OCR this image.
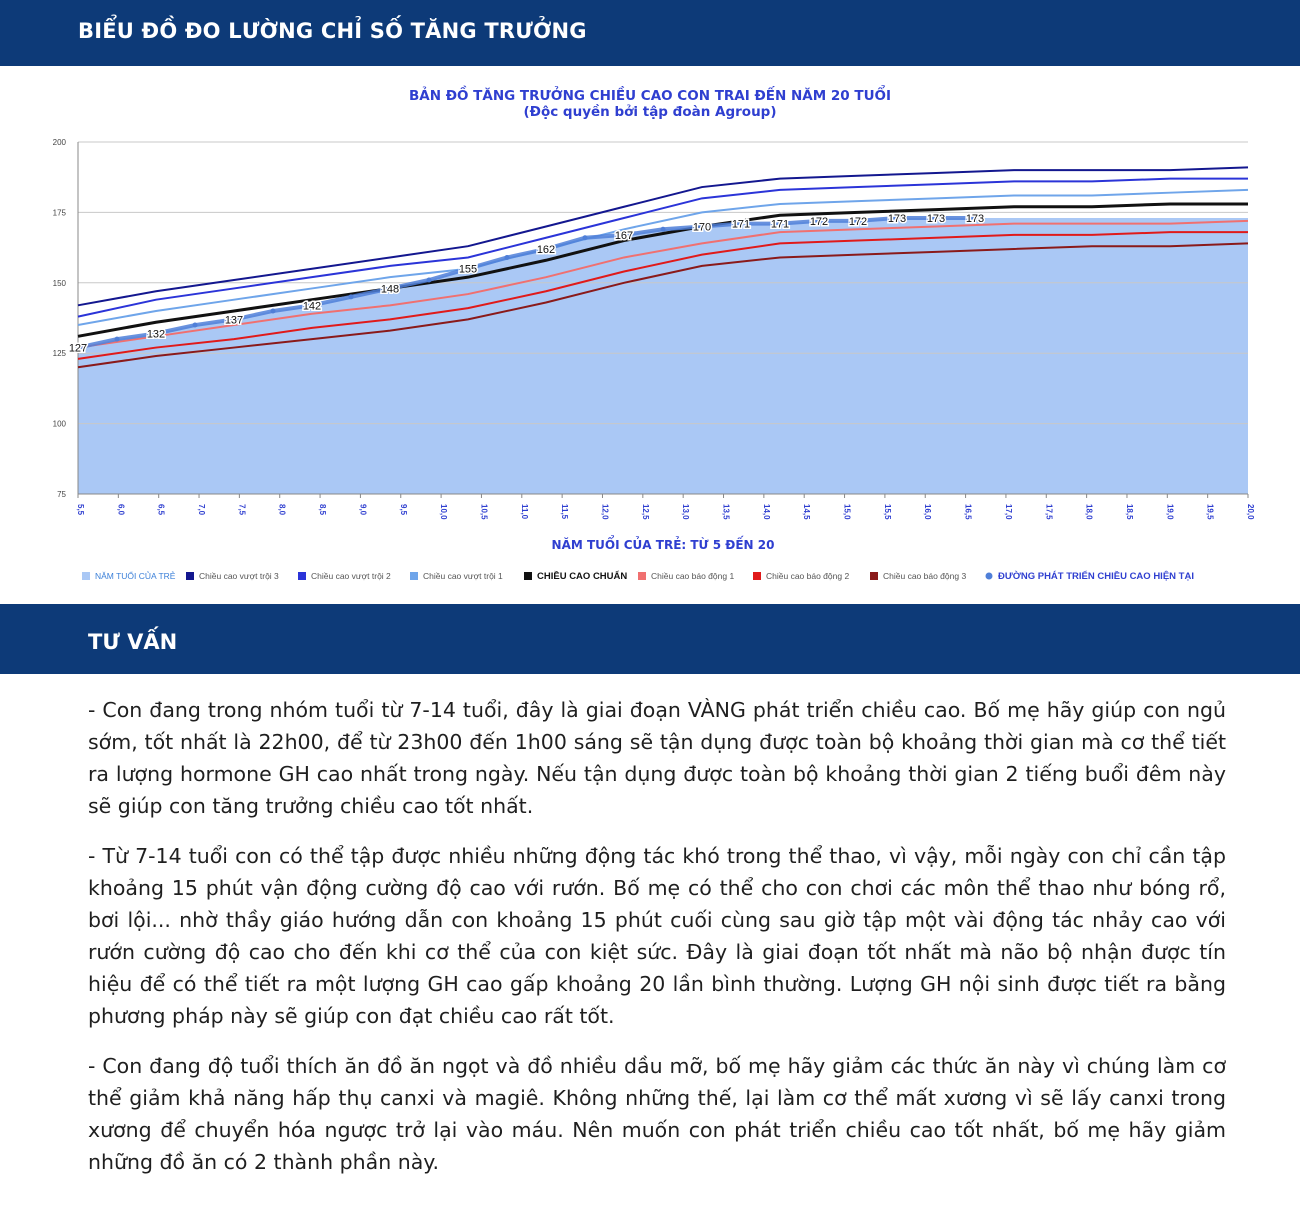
BIỂU ĐỒ ĐO LƯỜNG CHỈ SỐ TĂNG TRƯỞNG
BẢN ĐỒ TĂNG TRƯỞNG CHIỀU CAO CON TRAI ĐẾN NĂM 20 TUỔI
(Độc quyền bởi tập đoàn Agroup)
200
175
150
125
100
75
5,5	6,0	6,5	7,0	7,5	8,0	8,5	9,0	9,5	10,0	10,5	11,0	11,5	12,0	12,5	13,0	13,5	14,0	14,5	15,0	15,5	16,0	16,5	17,0	17,5	18,0	18,5	19,0	19,5	20,0
127
132
137
142
148
155
162
167
170 171 171 172 172 173 173 173
NĂM TUỔI CỦA TRẺ: TỪ 5 ĐẾN 20
NĂM TUỔI CỦA TRẺ	Chiều cao vượt trội 3	Chiều cao vượt trội 2	Chiều cao vượt trội 1	CHIỀU CAO CHUẨN	Chiều cao báo động 1	Chiều cao báo động 2	Chiều cao báo động 3	ĐƯỜNG PHÁT TRIỂN CHIỀU CAO HIỆN TẠI
TƯ VẤN
- Con đang trong nhóm tuổi từ 7-14 tuổi, đây là giai đoạn VÀNG phát triển chiều cao. Bố mẹ hãy giúp con ngủ sớm, tốt nhất là 22h00, để từ 23h00 đến 1h00 sáng sẽ tận dụng được toàn bộ khoảng thời gian mà cơ thể tiết ra lượng hormone GH cao nhất trong ngày. Nếu tận dụng được toàn bộ khoảng thời gian 2 tiếng buổi đêm này sẽ giúp con tăng trưởng chiều cao tốt nhất.
- Từ 7-14 tuổi con có thể tập được nhiều những động tác khó trong thể thao, vì vậy, mỗi ngày con chỉ cần tập khoảng 15 phút vận động cường độ cao với rướn. Bố mẹ có thể cho con chơi các môn thể thao như bóng rổ, bơi lội... nhờ thầy giáo hướng dẫn con khoảng 15 phút cuối cùng sau giờ tập một vài động tác nhảy cao với rướn cường độ cao cho đến khi cơ thể của con kiệt sức. Đây là giai đoạn tốt nhất mà não bộ nhận được tín hiệu để có thể tiết ra một lượng GH cao gấp khoảng 20 lần bình thường. Lượng GH nội sinh được tiết ra bằng phương pháp này sẽ giúp con đạt chiều cao rất tốt.
- Con đang độ tuổi thích ăn đồ ăn ngọt và đồ nhiều dầu mỡ, bố mẹ hãy giảm các thức ăn này vì chúng làm cơ thể giảm khả năng hấp thụ canxi và magiê. Không những thế, lại làm cơ thể mất xương vì sẽ lấy canxi trong xương để chuyển hóa ngược trở lại vào máu. Nên muốn con phát triển chiều cao tốt nhất, bố mẹ hãy giảm những đồ ăn có 2 thành phần này.
